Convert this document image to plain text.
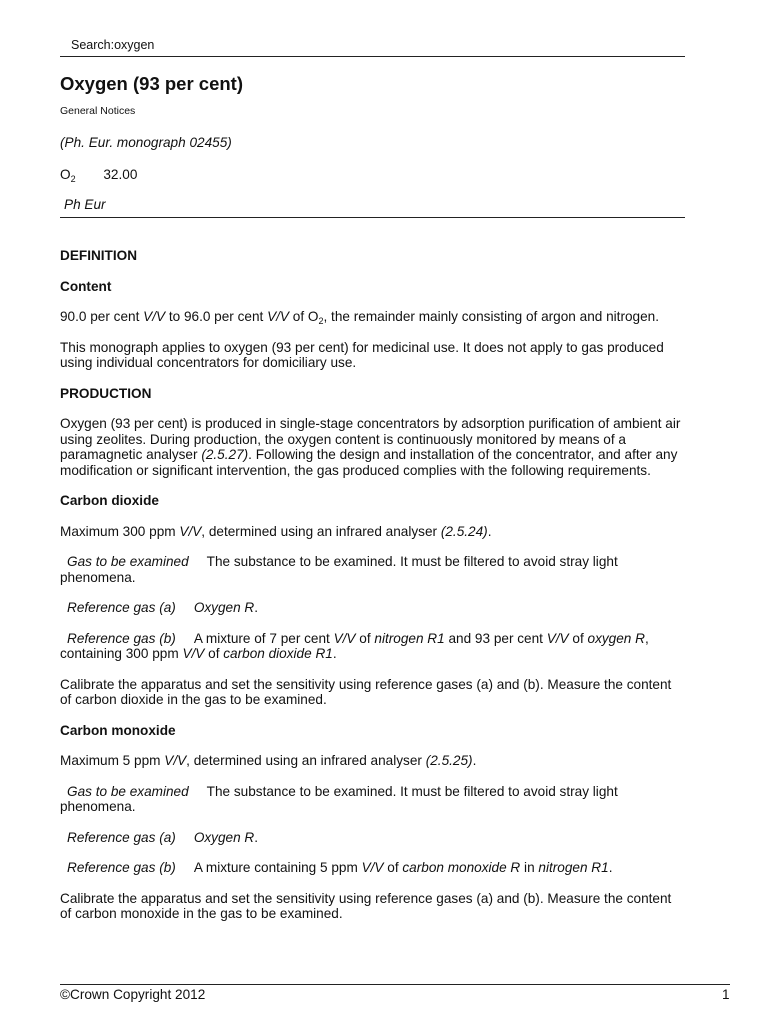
Search:oxygen
Oxygen (93 per cent)
General Notices
(Ph. Eur. monograph 02455)
$O_2$ 32.00
Ph Eur

DEFINITION

Content

90.0 per cent V/V to 96.0 per cent V/V of $O_2$, the remainder mainly consisting of argon and nitrogen.

This monograph applies to oxygen (93 per cent) for medicinal use. It does not apply to gas produced using individual concentrators for domiciliary use.

PRODUCTION

Oxygen (93 per cent) is produced in single-stage concentrators by adsorption purification of ambient air using zeolites. During production, the oxygen content is continuously monitored by means of a paramagnetic analyser (2.5.27). Following the design and installation of the concentrator, and after any modification or significant intervention, the gas produced complies with the following requirements.

Carbon dioxide

Maximum 300 ppm V/V, determined using an infrared analyser (2.5.24).

Gas to be examined The substance to be examined. It must be filtered to avoid stray light phenomena.

Reference gas (a) Oxygen R.

Reference gas (b) A mixture of 7 per cent V/V of nitrogen R1 and 93 per cent V/V of oxygen R, containing 300 ppm V/V of carbon dioxide R1.

Calibrate the apparatus and set the sensitivity using reference gases (a) and (b). Measure the content of carbon dioxide in the gas to be examined.

Carbon monoxide

Maximum 5 ppm V/V, determined using an infrared analyser (2.5.25).

Gas to be examined The substance to be examined. It must be filtered to avoid stray light phenomena.

Reference gas (a) Oxygen R.

Reference gas (b) A mixture containing 5 ppm V/V of carbon monoxide R in nitrogen R1.

Calibrate the apparatus and set the sensitivity using reference gases (a) and (b). Measure the content of carbon monoxide in the gas to be examined.

©Crown Copyright 2012	1
